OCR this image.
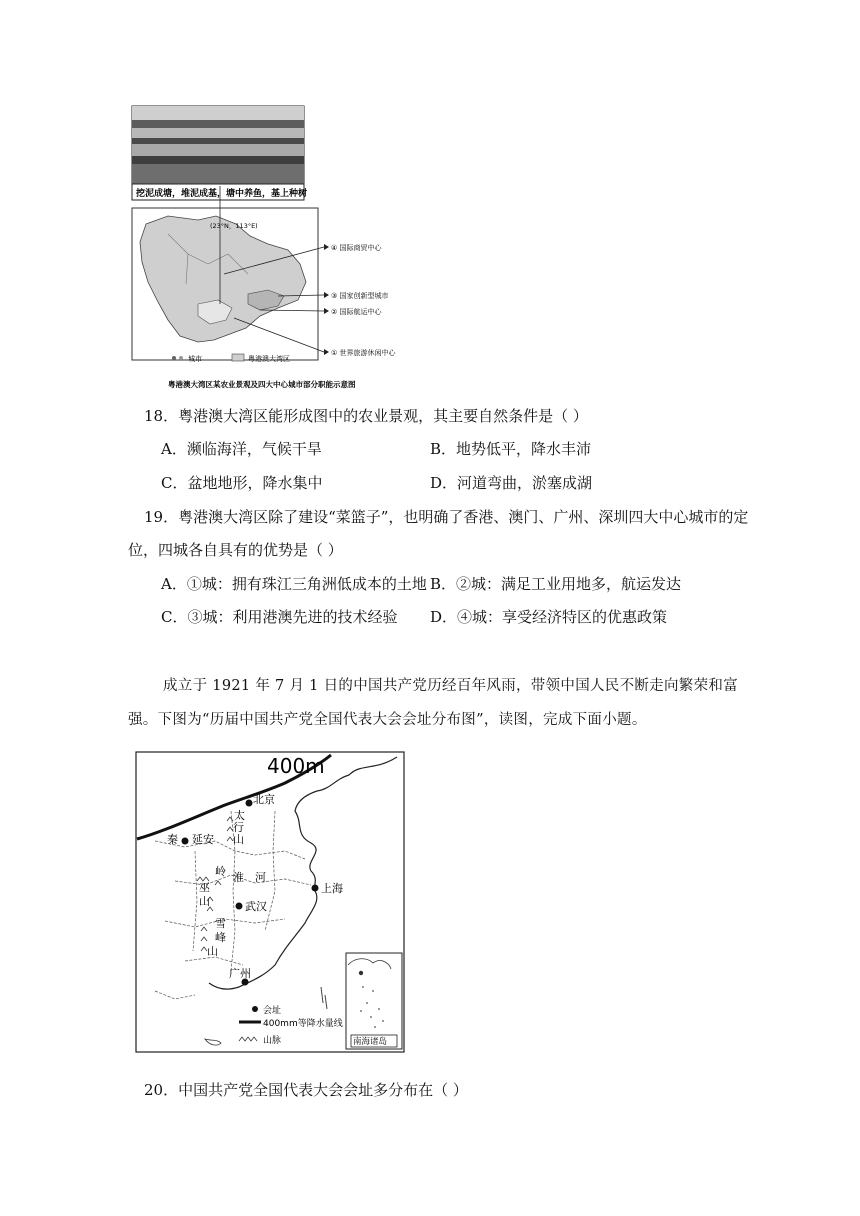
挖泥成塘，堆泥成基，塘中养鱼，基上种树
(23°N，113°E)
④ 国际商贸中心
③ 国家创新型城市
② 国际航运中心
① 世界旅游休闲中心
城市	粤港澳大湾区
粤港澳大湾区某农业景观及四大中心城市部分职能示意图
18．粤港澳大湾区能形成图中的农业景观，其主要自然条件是（ ）
A．濒临海洋，气候干旱	B．地势低平，降水丰沛
C．盆地地形，降水集中	D．河道弯曲，淤塞成湖
19．粤港澳大湾区除了建设“菜篮子”，也明确了香港、澳门、广州、深圳四大中心城市的定
位，四城各自具有的优势是（ ）
A．①城：拥有珠江三角洲低成本的土地 B．②城：满足工业用地多，航运发达
C．③城：利用港澳先进的技术经验 D．④城：享受经济特区的优惠政策
成立于 1921 年 7 月 1 日的中国共产党历经百年风雨，带领中国人民不断走向繁荣和富
强。下图为“历届中国共产党全国代表大会会址分布图”，读图，完成下面小题。
400m
太
行
山
秦
岭 淮 河
巫
山
雪
峰
山
北京
延安
上海
武汉
广州
会址
400mm等降水量线
山脉	南海诸岛
20．中国共产党全国代表大会会址多分布在（ ）
